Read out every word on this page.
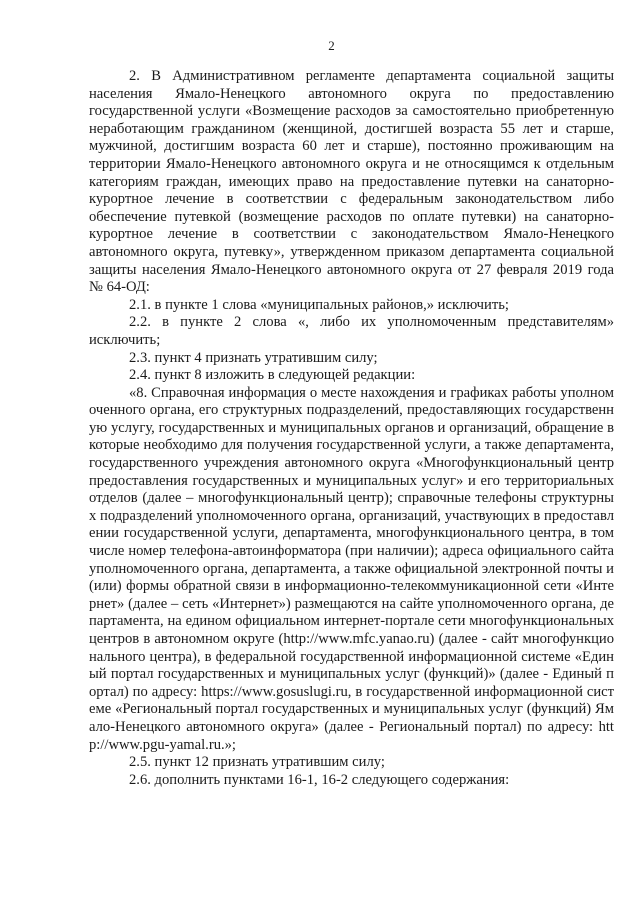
2

2. В Административном регламенте департамента социальной защиты населения Ямало-Ненецкого автономного округа по предоставлению государственной услуги «Возмещение расходов за самостоятельно приобретенную неработающим гражданином (женщиной, достигшей возраста 55 лет и старше, мужчиной, достигшим возраста 60 лет и старше), постоянно проживающим на территории Ямало-Ненецкого автономного округа и не относящимся к отдельным категориям граждан, имеющих право на предоставление путевки на санаторно-курортное лечение в соответствии с федеральным законодательством либо обеспечение путевкой (возмещение расходов по оплате путевки) на санаторно-курортное лечение в соответствии с законодательством Ямало-Ненецкого автономного округа, путевку», утвержденном приказом департамента социальной защиты населения Ямало-Ненецкого автономного округа от 27 февраля 2019 года № 64-ОД:

2.1. в пункте 1 слова «муниципальных районов,» исключить;

2.2. в пункте 2 слова «, либо их уполномоченным представителям» исключить;

2.3. пункт 4 признать утратившим силу;

2.4. пункт 8 изложить в следующей редакции:

«8. Справочная информация о месте нахождения и графиках работы уполномоченного органа, его структурных подразделений, предоставляющих государственную услугу, государственных и муниципальных органов и организаций, обращение в которые необходимо для получения государственной услуги, а также департамента, государственного учреждения автономного округа «Многофункциональный центр предоставления государственных и муниципальных услуг» и его территориальных отделов (далее – многофункциональный центр); справочные телефоны структурных подразделений уполномоченного органа, организаций, участвующих в предоставлении государственной услуги, департамента, многофункционального центра, в том числе номер телефона-автоинформатора (при наличии); адреса официального сайта уполномоченного органа, департамента, а также официальной электронной почты и (или) формы обратной связи в информационно-телекоммуникационной сети «Интернет» (далее – сеть «Интернет») размещаются на сайте уполномоченного органа, департамента, на едином официальном интернет-портале сети многофункциональных центров в автономном округе (http://www.mfc.yanao.ru) (далее - сайт многофункционального центра), в федеральной государственной информационной системе «Единый портал государственных и муниципальных услуг (функций)» (далее - Единый портал) по адресу: https://www.gosuslugi.ru, в государственной информационной системе «Региональный портал государственных и муниципальных услуг (функций) Ямало-Ненецкого автономного округа» (далее - Региональный портал) по адресу: http://www.pgu-yamal.ru.»;

2.5. пункт 12 признать утратившим силу;

2.6. дополнить пунктами 16-1, 16-2 следующего содержания:
